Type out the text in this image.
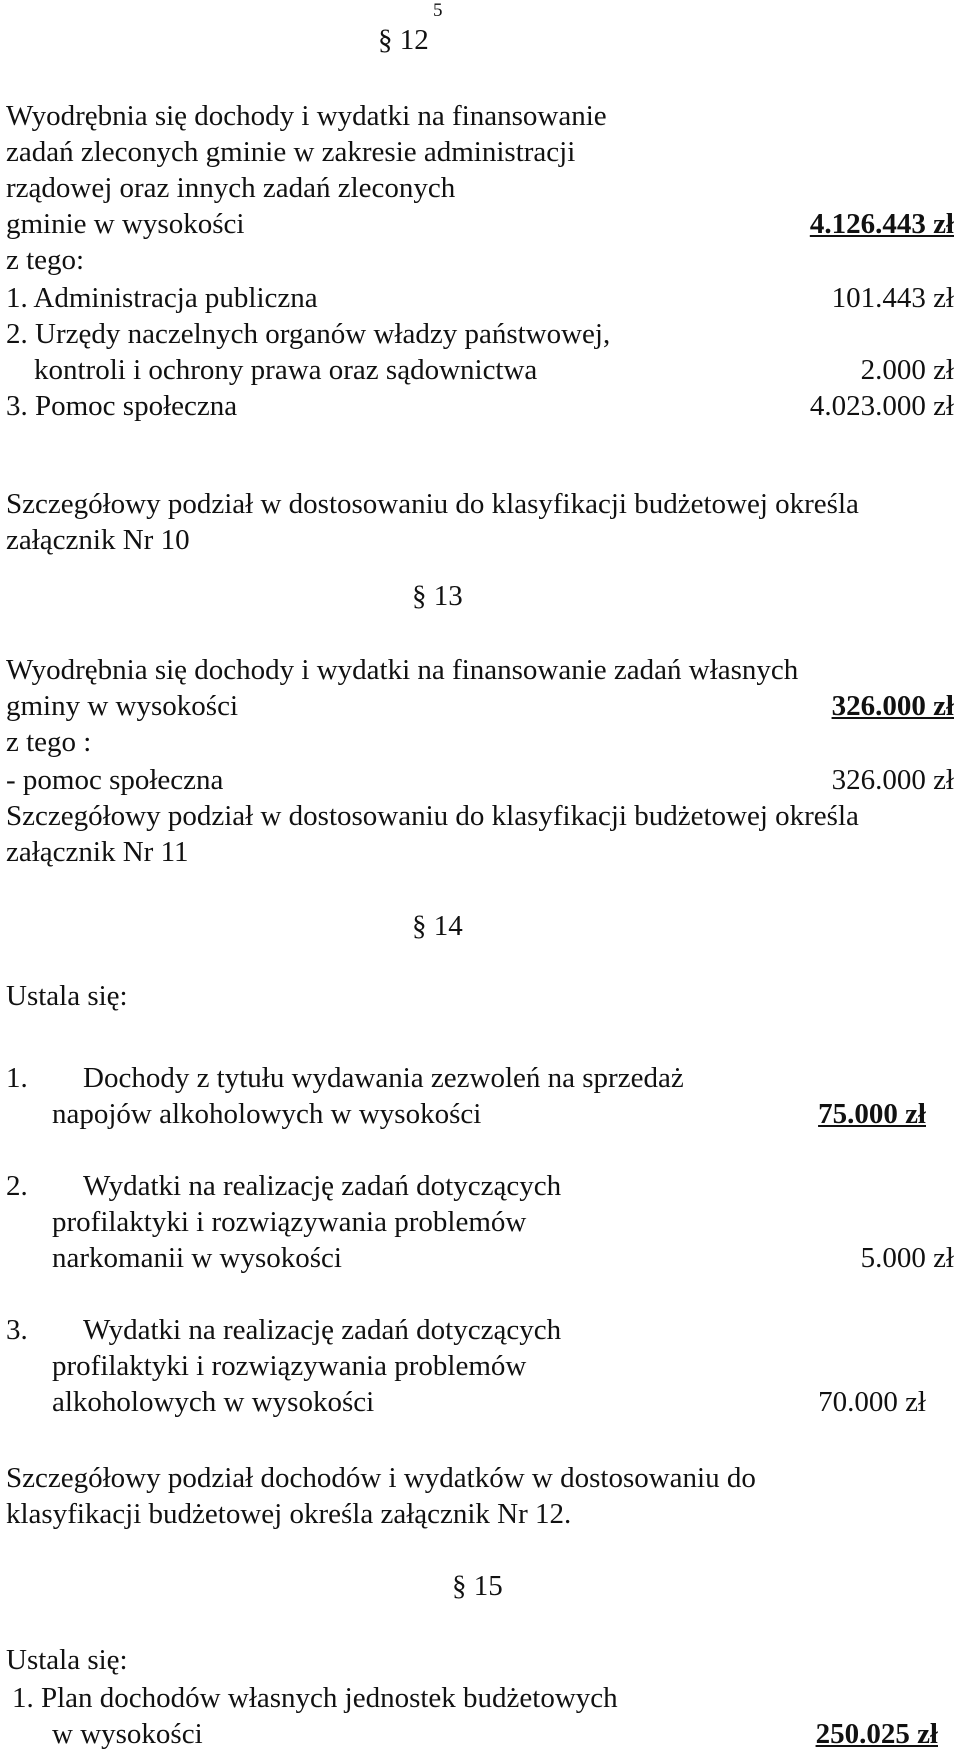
5
§ 12
Wyodrębnia się dochody i wydatki na finansowanie
zadań zleconych gminie w zakresie administracji
rządowej oraz innych zadań zleconych
gminie w wysokości	4.126.443 zł
z tego:
1. Administracja publiczna	101.443 zł
2. Urzędy naczelnych organów władzy państwowej,
kontroli i ochrony prawa oraz sądownictwa	2.000 zł
3. Pomoc społeczna	4.023.000 zł
Szczegółowy podział w dostosowaniu do klasyfikacji budżetowej określa
załącznik Nr 10
§ 13
Wyodrębnia się dochody i wydatki na finansowanie zadań własnych
gminy w wysokości	326.000 zł
z tego :
- pomoc społeczna	326.000 zł
Szczegółowy podział w dostosowaniu do klasyfikacji budżetowej określa
załącznik Nr 11
§ 14
Ustala się:
1. Dochody z tytułu wydawania zezwoleń na sprzedaż
napojów alkoholowych w wysokości	75.000 zł
2. Wydatki na realizację zadań dotyczących
profilaktyki i rozwiązywania problemów
narkomanii w wysokości	5.000 zł
3. Wydatki na realizację zadań dotyczących
profilaktyki i rozwiązywania problemów
alkoholowych w wysokości	70.000 zł
Szczegółowy podział dochodów i wydatków w dostosowaniu do
klasyfikacji budżetowej określa załącznik Nr 12.
§ 15
Ustala się:
1. Plan dochodów własnych jednostek budżetowych
w wysokości	250.025 zł
